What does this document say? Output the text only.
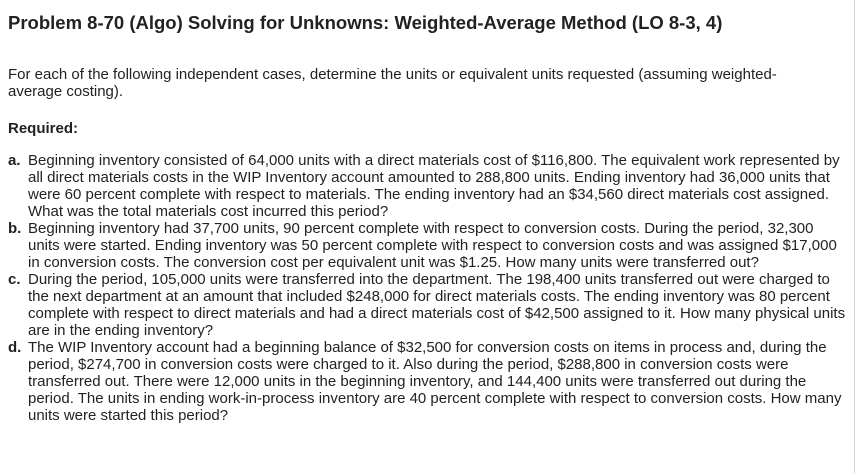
Problem 8-70 (Algo) Solving for Unknowns: Weighted-Average Method (LO 8-3, 4)
For each of the following independent cases, determine the units or equivalent units requested (assuming weighted-average costing).
Required:
a. Beginning inventory consisted of 64,000 units with a direct materials cost of $116,800. The equivalent work represented by all direct materials costs in the WIP Inventory account amounted to 288,800 units. Ending inventory had 36,000 units that were 60 percent complete with respect to materials. The ending inventory had an $34,560 direct materials cost assigned. What was the total materials cost incurred this period?
b. Beginning inventory had 37,700 units, 90 percent complete with respect to conversion costs. During the period, 32,300 units were started. Ending inventory was 50 percent complete with respect to conversion costs and was assigned $17,000 in conversion costs. The conversion cost per equivalent unit was $1.25. How many units were transferred out?
c. During the period, 105,000 units were transferred into the department. The 198,400 units transferred out were charged to the next department at an amount that included $248,000 for direct materials costs. The ending inventory was 80 percent complete with respect to direct materials and had a direct materials cost of $42,500 assigned to it. How many physical units are in the ending inventory?
d. The WIP Inventory account had a beginning balance of $32,500 for conversion costs on items in process and, during the period, $274,700 in conversion costs were charged to it. Also during the period, $288,800 in conversion costs were transferred out. There were 12,000 units in the beginning inventory, and 144,400 units were transferred out during the period. The units in ending work-in-process inventory are 40 percent complete with respect to conversion costs. How many units were started this period?
